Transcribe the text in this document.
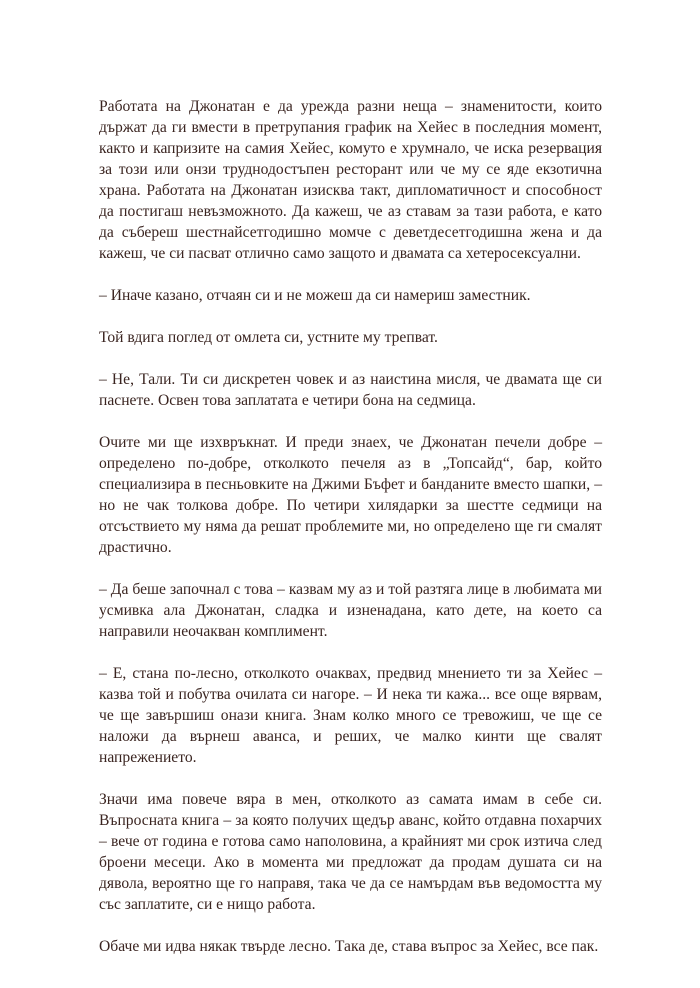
Работата на Джонатан е да урежда разни неща – знаменитости, които държат да ги вмести в претрупания график на Хейес в последния момент, както и капризите на самия Хейес, комуто е хрумнало, че иска резервация за този или онзи труднодостъпен ресторант или че му се яде екзотична храна. Работата на Джонатан изисква такт, дипломатичност и способност да постигаш невъзможното. Да кажеш, че аз ставам за тази работа, е като да събереш шестнайсетгодишно момче с деветдесетгодишна жена и да кажеш, че си пасват отлично само защото и двамата са хетеросексуални.

– Иначе казано, отчаян си и не можеш да си намериш заместник.

Той вдига поглед от омлета си, устните му трепват.

– Не, Тали. Ти си дискретен човек и аз наистина мисля, че двамата ще си паснете. Освен това заплатата е четири бона на седмица.

Очите ми ще изхвръкнат. И преди знаех, че Джонатан печели добре – определено по-добре, отколкото печеля аз в „Топсайд“, бар, който специализира в песньовките на Джими Бъфет и банданите вместо шапки, – но не чак толкова добре. По четири хилядарки за шестте седмици на отсъствието му няма да решат проблемите ми, но определено ще ги смалят драстично.

– Да беше започнал с това – казвам му аз и той разтяга лице в любимата ми усмивка ала Джонатан, сладка и изненадана, като дете, на което са направили неочакван комплимент.

– Е, стана по-лесно, отколкото очаквах, предвид мнението ти за Хейес – казва той и побутва очилата си нагоре. – И нека ти кажа... все още вярвам, че ще завършиш онази книга. Знам колко много се тревожиш, че ще се наложи да върнеш аванса, и реших, че малко кинти ще свалят напрежението.

Значи има повече вяра в мен, отколкото аз самата имам в себе си. Въпросната книга – за която получих щедър аванс, който отдавна похарчих – вече от година е готова само наполовина, а крайният ми срок изтича след броени месеци. Ако в момента ми предложат да продам душата си на дявола, вероятно ще го направя, така че да се намърдам във ведомостта му със заплатите, си е нищо работа.

Обаче ми идва някак твърде лесно. Така де, става въпрос за Хейес, все пак.
